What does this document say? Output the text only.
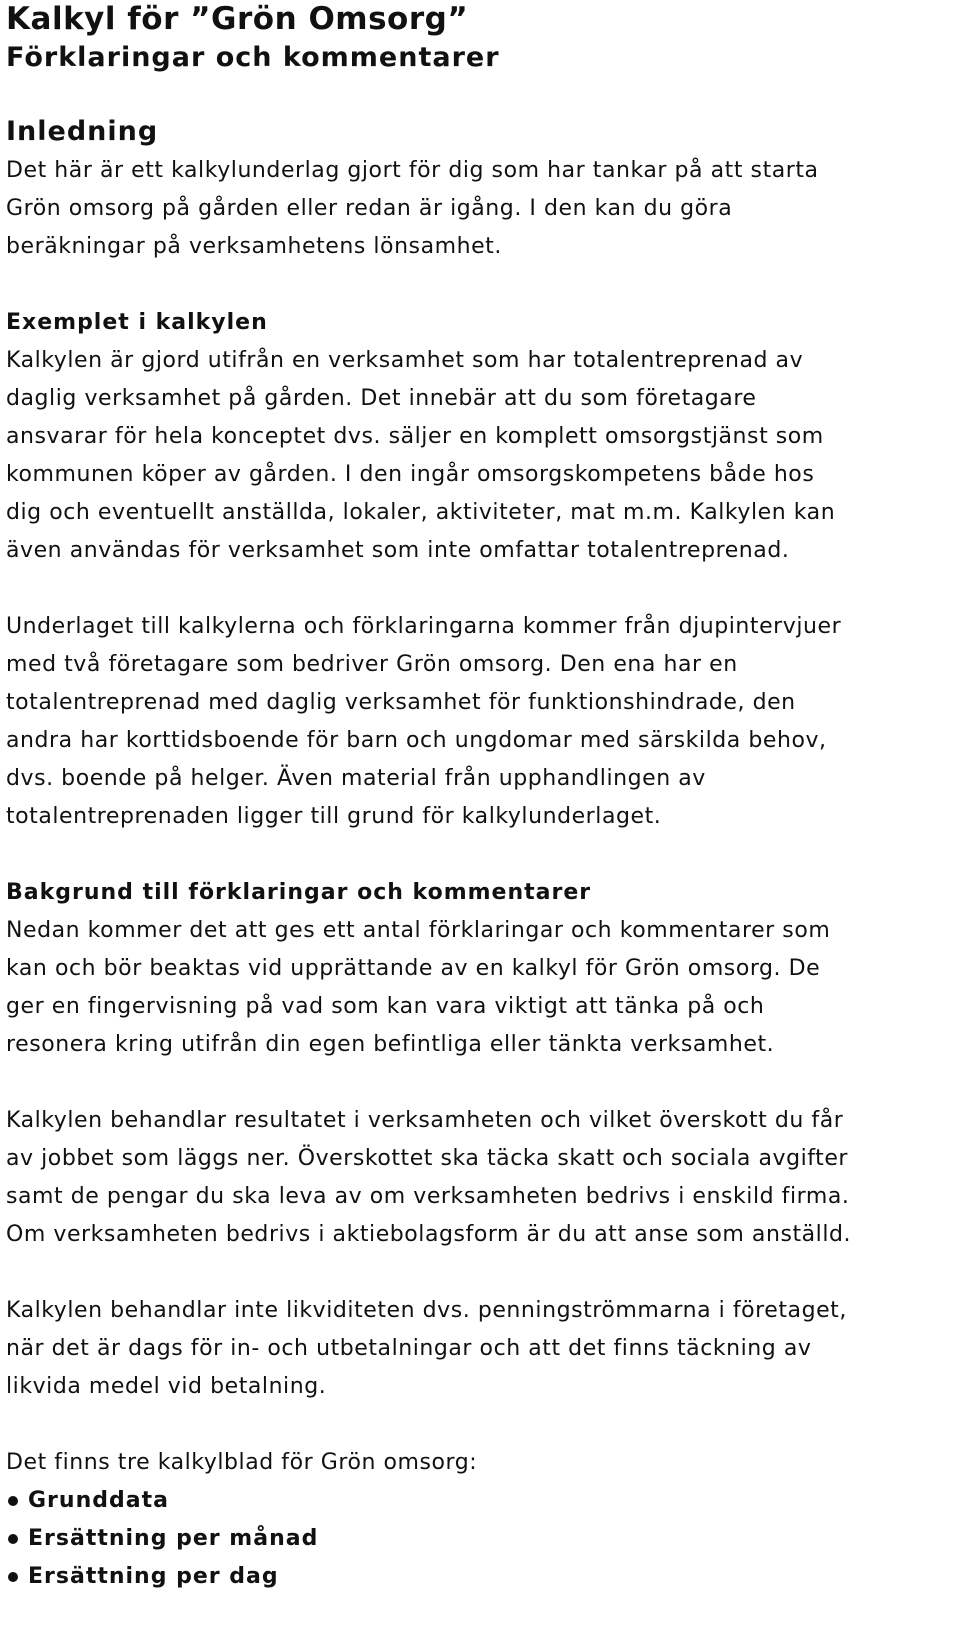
Kalkyl för ”Grön Omsorg”
Förklaringar och kommentarer
Inledning

Det här är ett kalkylunderlag gjort för dig som har tankar på att starta
Grön omsorg på gården eller redan är igång. I den kan du göra
beräkningar på verksamhetens lönsamhet.

Exemplet i kalkylen

Kalkylen är gjord utifrån en verksamhet som har totalentreprenad av
daglig verksamhet på gården. Det innebär att du som företagare
ansvarar för hela konceptet dvs. säljer en komplett omsorgstjänst som
kommunen köper av gården. I den ingår omsorgskompetens både hos
dig och eventuellt anställda, lokaler, aktiviteter, mat m.m. Kalkylen kan
även användas för verksamhet som inte omfattar totalentreprenad.

Underlaget till kalkylerna och förklaringarna kommer från djupintervjuer
med två företagare som bedriver Grön omsorg. Den ena har en
totalentreprenad med daglig verksamhet för funktionshindrade, den
andra har korttidsboende för barn och ungdomar med särskilda behov,
dvs. boende på helger. Även material från upphandlingen av
totalentreprenaden ligger till grund för kalkylunderlaget.

Bakgrund till förklaringar och kommentarer

Nedan kommer det att ges ett antal förklaringar och kommentarer som
kan och bör beaktas vid upprättande av en kalkyl för Grön omsorg. De
ger en fingervisning på vad som kan vara viktigt att tänka på och
resonera kring utifrån din egen befintliga eller tänkta verksamhet.

Kalkylen behandlar resultatet i verksamheten och vilket överskott du får
av jobbet som läggs ner. Överskottet ska täcka skatt och sociala avgifter
samt de pengar du ska leva av om verksamheten bedrivs i enskild firma.
Om verksamheten bedrivs i aktiebolagsform är du att anse som anställd.

Kalkylen behandlar inte likviditeten dvs. penningströmmarna i företaget,
när det är dags för in- och utbetalningar och att det finns täckning av
likvida medel vid betalning.

Det finns tre kalkylblad för Grön omsorg:

Grunddata
Ersättning per månad
Ersättning per dag
